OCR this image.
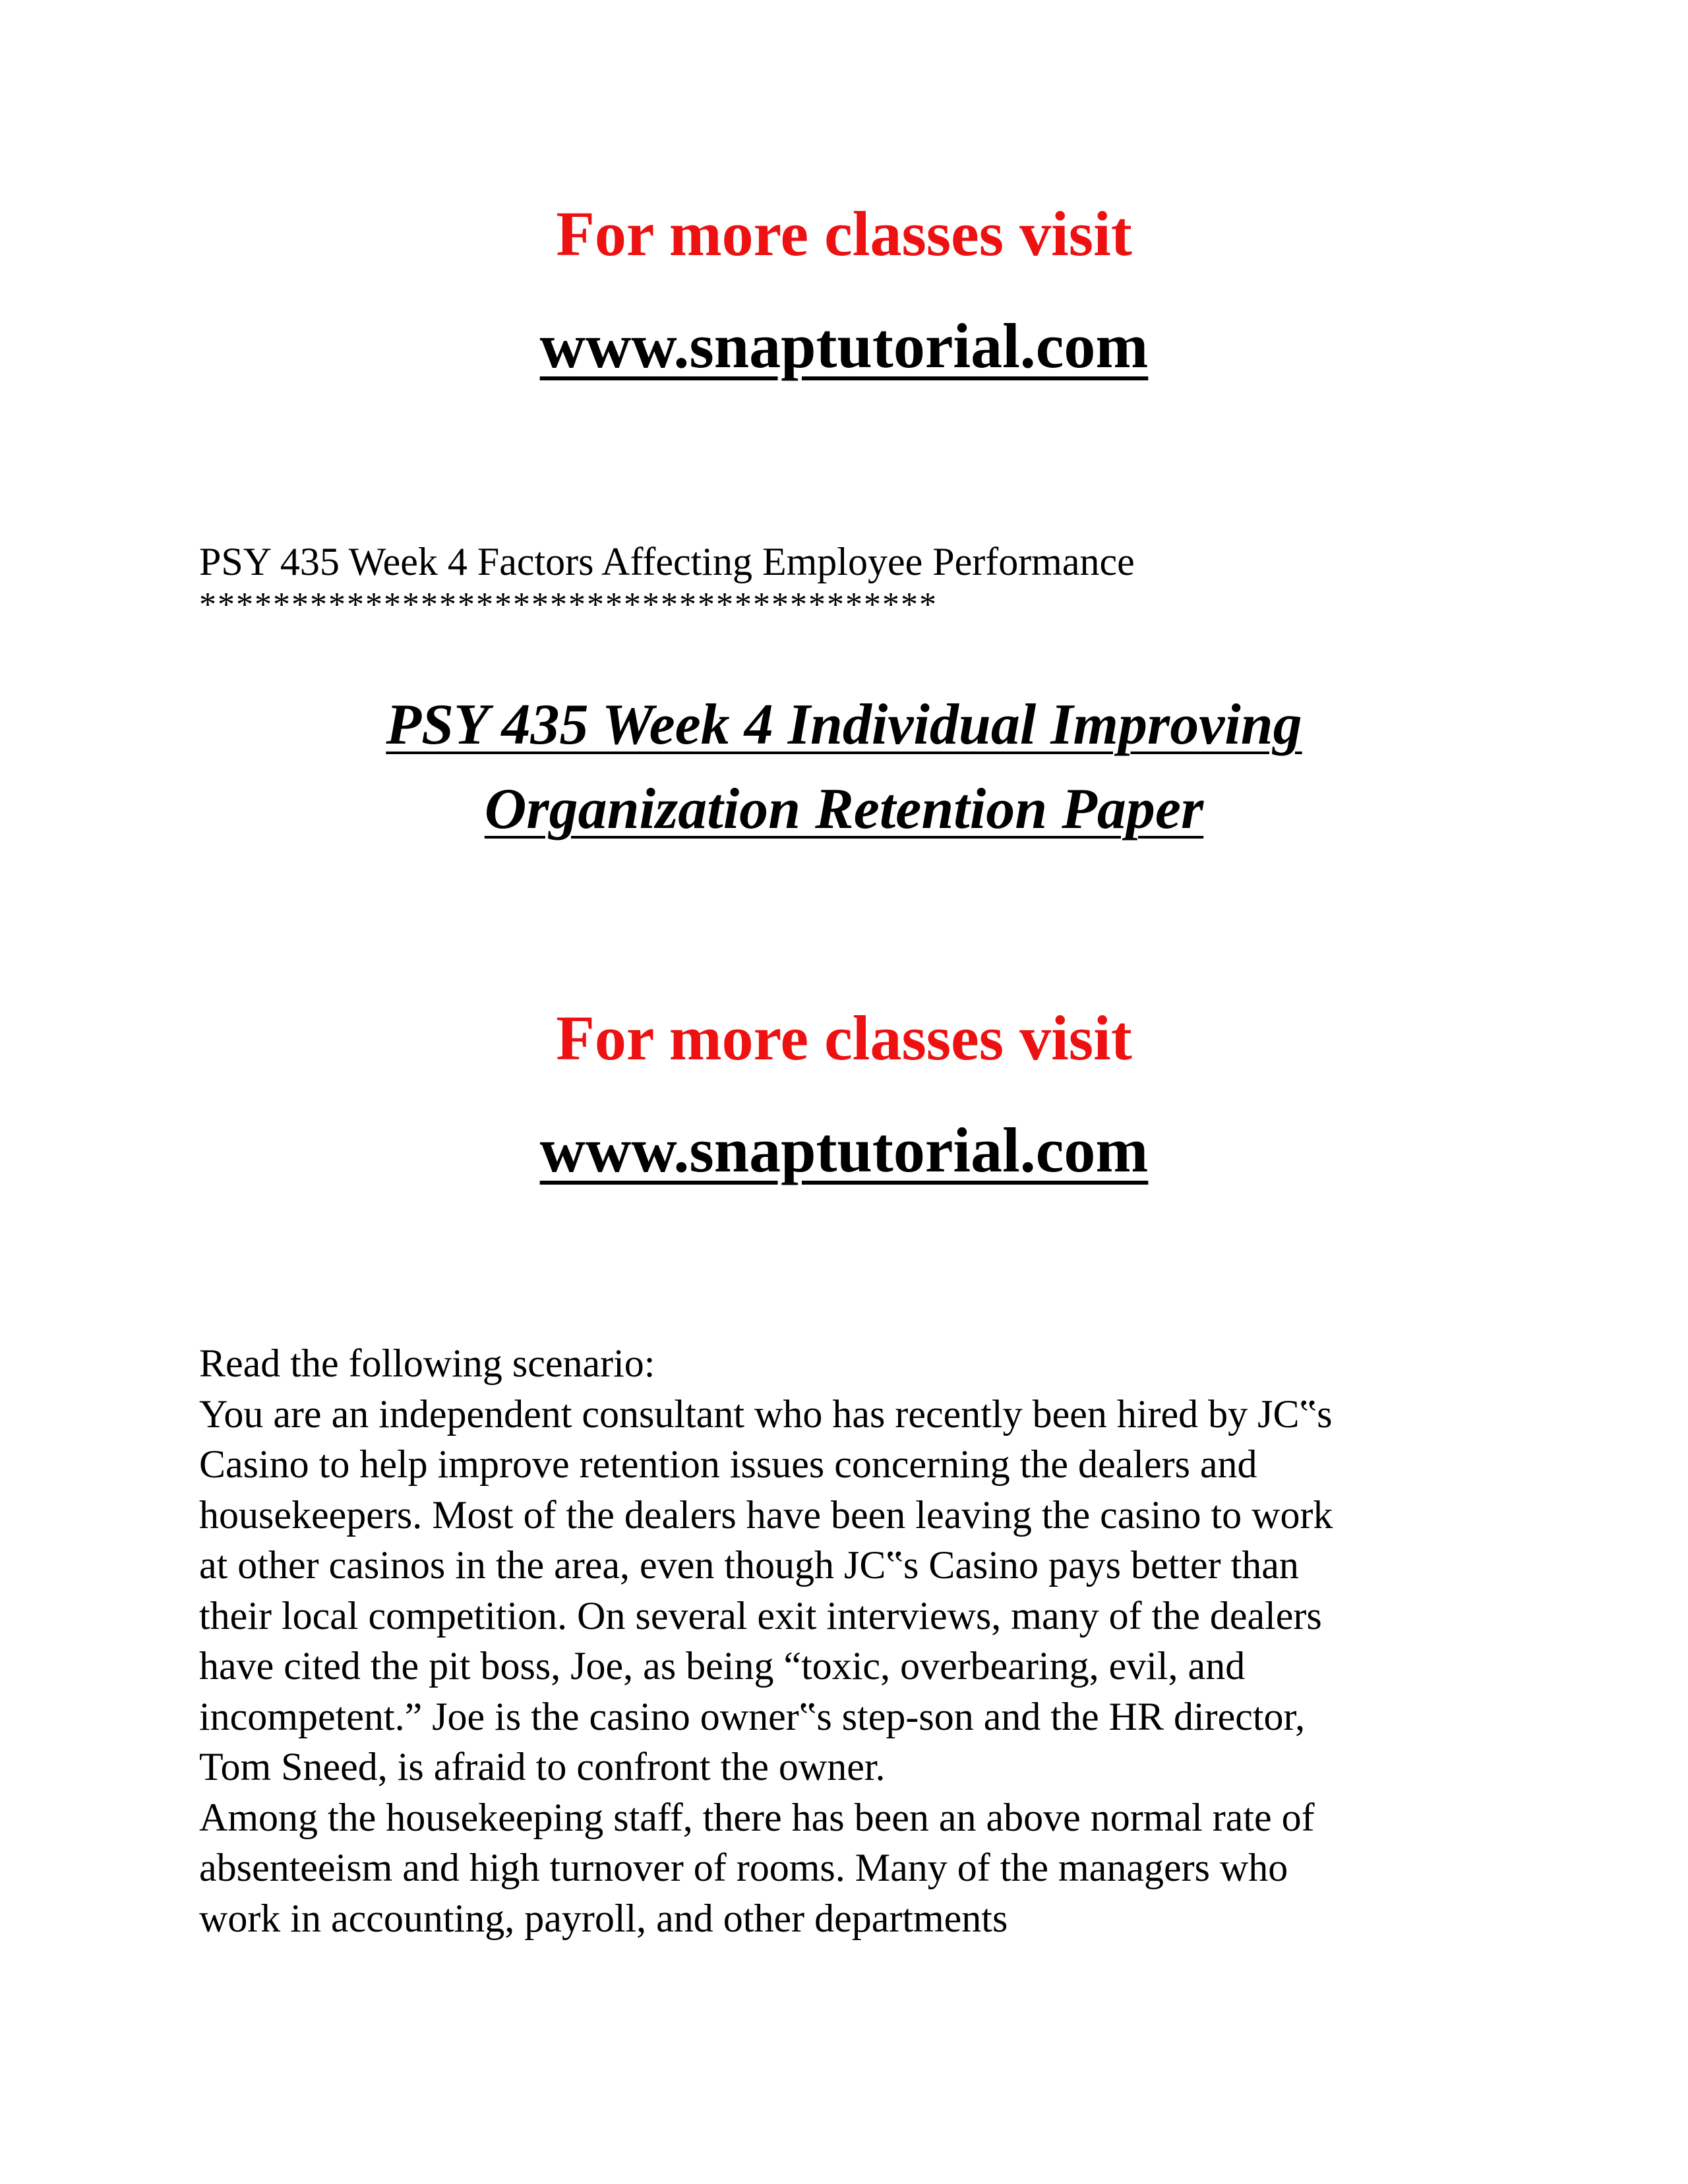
For more classes visit
www.snaptutorial.com

PSY 435 Week 4 Factors Affecting Employee Performance

****************************************

PSY 435 Week 4 Individual Improving
Organization Retention Paper
For more classes visit
www.snaptutorial.com

Read the following scenario:

You are an independent consultant who has recently been hired by JC‟s

Casino to help improve retention issues concerning the dealers and

housekeepers. Most of the dealers have been leaving the casino to work

at other casinos in the area, even though JC‟s Casino pays better than

their local competition. On several exit interviews, many of the dealers

have cited the pit boss, Joe, as being “toxic, overbearing, evil, and

incompetent.” Joe is the casino owner‟s step-son and the HR director,

Tom Sneed, is afraid to confront the owner.

Among the housekeeping staff, there has been an above normal rate of

absenteeism and high turnover of rooms. Many of the managers who

work in accounting, payroll, and other departments
